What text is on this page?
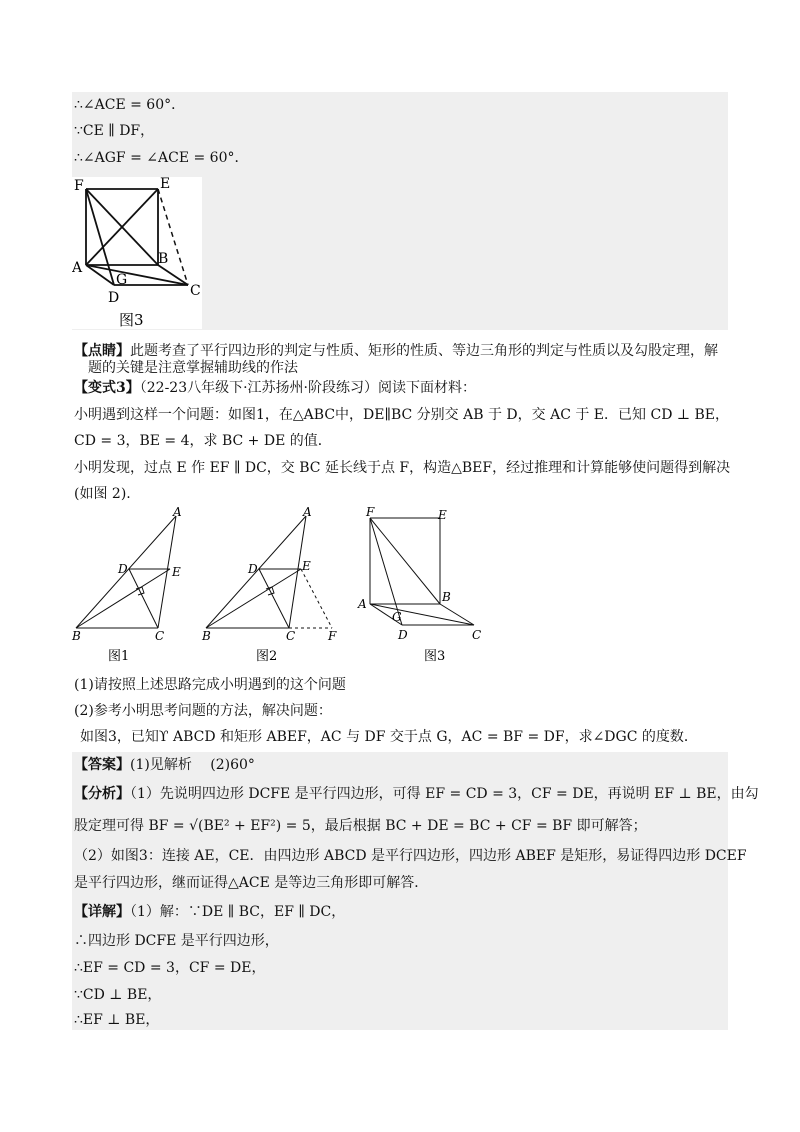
∴∠ACE = 60°．
∵CE ∥ DF，
∴∠AGF = ∠ACE = 60°．
F	E
A
B
G
D	C
图3
【点睛】此题考查了平行四边形的判定与性质、矩形的性质、等边三角形的判定与性质以及勾股定理，解
题的关键是注意掌握辅助线的作法
【变式3】（22-23八年级下·江苏扬州·阶段练习）阅读下面材料：
小明遇到这样一个问题：如图1，在△ABC中，DE∥BC 分别交 AB 于 D，交 AC 于 E．已知 CD ⊥ BE，
CD = 3，BE = 4，求 BC + DE 的值．
小明发现，过点 E 作 EF ∥ DC，交 BC 延长线于点 F，构造△BEF，经过推理和计算能够使问题得到解决
(如图 2).
A
D	E
B	C
图1
A
D	E
B	C	F
图2
F	E
A	B
G
D	C
图3
(1)请按照上述思路完成小明遇到的这个问题
(2)参考小明思考问题的方法，解决问题：
如图3，已知ϒ ABCD 和矩形 ABEF，AC 与 DF 交于点 G，AC = BF = DF，求∠DGC 的度数．
【答案】(1)见解析　 (2)60°
【分析】（1）先说明四边形 DCFE 是平行四边形，可得 EF = CD = 3，CF = DE，再说明 EF ⊥ BE，由勾
股定理可得 BF = √(BE² + EF²) = 5，最后根据 BC + DE = BC + CF = BF 即可解答；
（2）如图3：连接 AE，CE．由四边形 ABCD 是平行四边形，四边形 ABEF 是矩形，易证得四边形 DCEF
是平行四边形，继而证得△ACE 是等边三角形即可解答．
【详解】（1）解：∵DE ∥ BC，EF ∥ DC，
∴四边形 DCFE 是平行四边形，
∴EF = CD = 3，CF = DE，
∵CD ⊥ BE，
∴EF ⊥ BE，
